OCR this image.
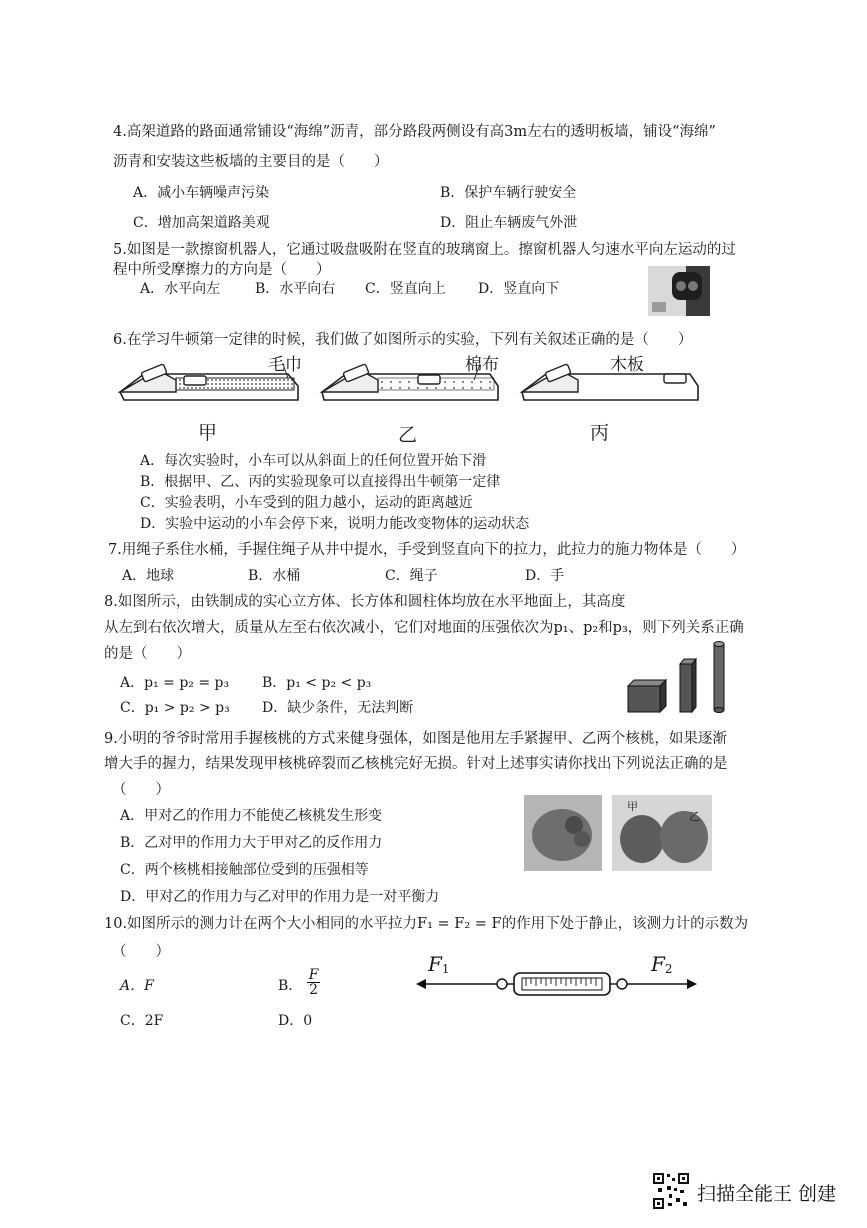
4.高架道路的路面通常铺设“海绵”沥青，部分路段两侧设有高3m左右的透明板墙，铺设“海绵”
沥青和安装这些板墙的主要目的是（　　）
A．减小车辆噪声污染	B．保护车辆行驶安全
C．增加高架道路美观	D．阻止车辆废气外泄
5.如图是一款擦窗机器人，它通过吸盘吸附在竖直的玻璃窗上。擦窗机器人匀速水平向左运动的过
程中所受摩擦力的方向是（　　）
A．水平向左 B．水平向右 C．竖直向上 D．竖直向下
6.在学习牛顿第一定律的时候，我们做了如图所示的实验，下列有关叙述正确的是（　　）
毛巾	棉布	木板
甲	乙	丙
A．每次实验时，小车可以从斜面上的任何位置开始下滑
B．根据甲、乙、丙的实验现象可以直接得出牛顿第一定律
C．实验表明，小车受到的阻力越小，运动的距离越近
D．实验中运动的小车会停下来，说明力能改变物体的运动状态
7.用绳子系住水桶，手握住绳子从井中提水，手受到竖直向下的拉力，此拉力的施力物体是（　　）
A．地球	B．水桶	C．绳子	D．手
8.如图所示，由铁制成的实心立方体、长方体和圆柱体均放在水平地面上，其高度
从左到右依次增大，质量从左至右依次减小，它们对地面的压强依次为p₁、p₂和p₃，则下列关系正确
的是（　　）
A．p₁ = p₂ = p₃ B．p₁ < p₂ < p₃
C．p₁ > p₂ > p₃ D．缺少条件，无法判断
9.小明的爷爷时常用手握核桃的方式来健身强体，如图是他用左手紧握甲、乙两个核桃，如果逐渐
增大手的握力，结果发现甲核桃碎裂而乙核桃完好无损。针对上述事实请你找出下列说法正确的是
（　　）
A．甲对乙的作用力不能使乙核桃发生形变
B．乙对甲的作用力大于甲对乙的反作用力
C．两个核桃相接触部位受到的压强相等
D．甲对乙的作用力与乙对甲的作用力是一对平衡力
甲
乙
10.如图所示的测力计在两个大小相同的水平拉力F₁ = F₂ = F的作用下处于静止，该测力计的示数为
（　　）
A．F	B． $\frac{F}{2}$
C．2F	D．0
F1	F2
扫描全能王 创建
